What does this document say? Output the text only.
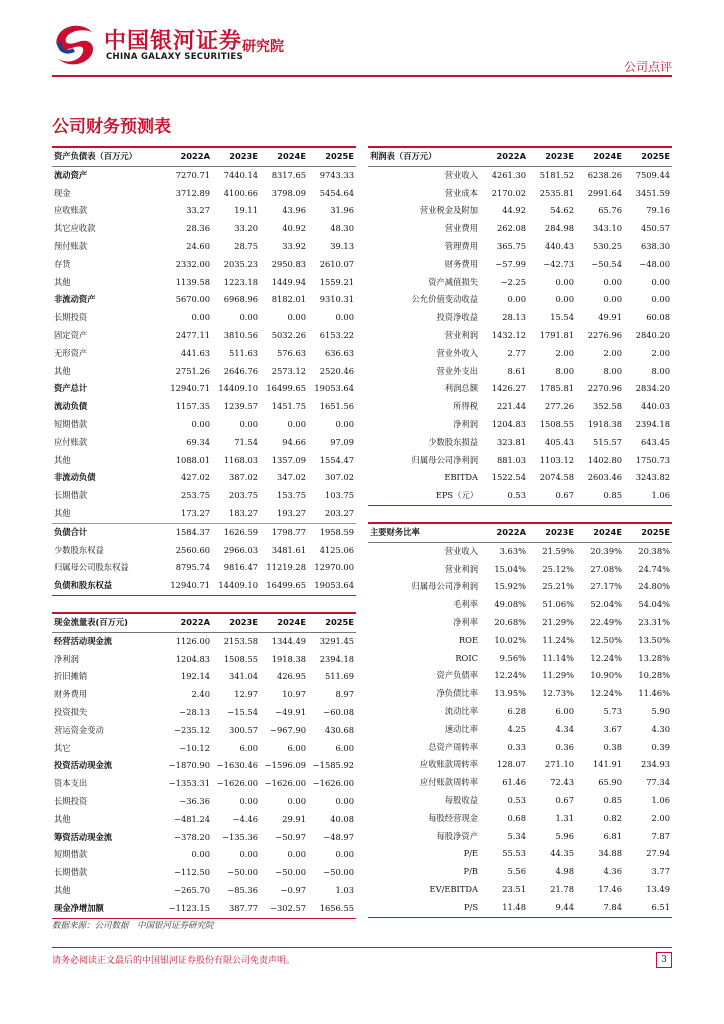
中国银河证券
CHINA GALAXY SECURITIES
研究院
公司点评
公司财务预测表
资产负债表（百万元）	2022A	2023E	2024E	2025E
流动资产	7270.71	7440.14	8317.65	9743.33
现金	3712.89	4100.66	3798.09	5454.64
应收账款	33.27	19.11	43.96	31.96
其它应收款	28.36	33.20	40.92	48.30
预付账款	24.60	28.75	33.92	39.13
存货	2332.00	2035.23	2950.83	2610.07
其他	1139.58	1223.18	1449.94	1559.21
非流动资产	5670.00	6968.96	8182.01	9310.31
长期投资	0.00	0.00	0.00	0.00
固定资产	2477.11	3810.56	5032.26	6153.22
无形资产	441.63	511.63	576.63	636.63
其他	2751.26	2646.76	2573.12	2520.46
资产总计	12940.71	14409.10	16499.65	19053.64
流动负债	1157.35	1239.57	1451.75	1651.56
短期借款	0.00	0.00	0.00	0.00
应付账款	69.34	71.54	94.66	97.09
其他	1088.01	1168.03	1357.09	1554.47
非流动负债	427.02	387.02	347.02	307.02
长期借款	253.75	203.75	153.75	103.75
其他	173.27	183.27	193.27	203.27
负债合计	1584.37	1626.59	1798.77	1958.59
少数股东权益	2560.60	2966.03	3481.61	4125.06
归属母公司股东权益	8795.74	9816.47	11219.28	12970.00
负债和股东权益	12940.71	14409.10	16499.65	19053.64
利润表（百万元）	2022A	2023E	2024E	2025E
营业收入	4261.30	5181.52	6238.26	7509.44
营业成本	2170.02	2535.81	2991.64	3451.59
营业税金及附加	44.92	54.62	65.76	79.16
营业费用	262.08	284.98	343.10	450.57
管理费用	365.75	440.43	530.25	638.30
财务费用	−57.99	−42.73	−50.54	−48.00
资产减值损失	−2.25	0.00	0.00	0.00
公允价值变动收益	0.00	0.00	0.00	0.00
投资净收益	28.13	15.54	49.91	60.08
营业利润	1432.12	1791.81	2276.96	2840.20
营业外收入	2.77	2.00	2.00	2.00
营业外支出	8.61	8.00	8.00	8.00
利润总额	1426.27	1785.81	2270.96	2834.20
所得税	221.44	277.26	352.58	440.03
净利润	1204.83	1508.55	1918.38	2394.18
少数股东损益	323.81	405.43	515.57	643.45
归属母公司净利润	881.03	1103.12	1402.80	1750.73
EBITDA	1522.54	2074.58	2603.46	3243.82
EPS（元）	0.53	0.67	0.85	1.06
现金流量表(百万元)	2022A	2023E	2024E	2025E
经营活动现金流	1126.00	2153.58	1344.49	3291.45
净利润	1204.83	1508.55	1918.38	2394.18
折旧摊销	192.14	341.04	426.95	511.69
财务费用	2.40	12.97	10.97	8.97
投资损失	−28.13	−15.54	−49.91	−60.08
营运资金变动	−235.12	300.57	−967.90	430.68
其它	−10.12	6.00	6.00	6.00
投资活动现金流	−1870.90	−1630.46	−1596.09	−1585.92
资本支出	−1353.31	−1626.00	−1626.00	−1626.00
长期投资	−36.36	0.00	0.00	0.00
其他	−481.24	−4.46	29.91	40.08
筹资活动现金流	−378.20	−135.36	−50.97	−48.97
短期借款	0.00	0.00	0.00	0.00
长期借款	−112.50	−50.00	−50.00	−50.00
其他	−265.70	−85.36	−0.97	1.03
现金净增加额	−1123.15	387.77	−302.57	1656.55
主要财务比率	2022A	2023E	2024E	2025E
营业收入	3.63%	21.59%	20.39%	20.38%
营业利润	15.04%	25.12%	27.08%	24.74%
归属母公司净利润	15.92%	25.21%	27.17%	24.80%
毛利率	49.08%	51.06%	52.04%	54.04%
净利率	20.68%	21.29%	22.49%	23.31%
ROE	10.02%	11.24%	12.50%	13.50%
ROIC	9.56%	11.14%	12.24%	13.28%
资产负债率	12.24%	11.29%	10.90%	10.28%
净负债比率	13.95%	12.73%	12.24%	11.46%
流动比率	6.28	6.00	5.73	5.90
速动比率	4.25	4.34	3.67	4.30
总资产周转率	0.33	0.36	0.38	0.39
应收账款周转率	128.07	271.10	141.91	234.93
应付账款周转率	61.46	72.43	65.90	77.34
每股收益	0.53	0.67	0.85	1.06
每股经营现金	0.68	1.31	0.82	2.00
每股净资产	5.34	5.96	6.81	7.87
P/E	55.53	44.35	34.88	27.94
P/B	5.56	4.98	4.36	3.77
EV/EBITDA	23.51	21.78	17.46	13.49
P/S	11.48	9.44	7.84	6.51
数据来源：公司数据　中国银河证券研究院
请务必阅读正文最后的中国银河证券股份有限公司免责声明。	3
